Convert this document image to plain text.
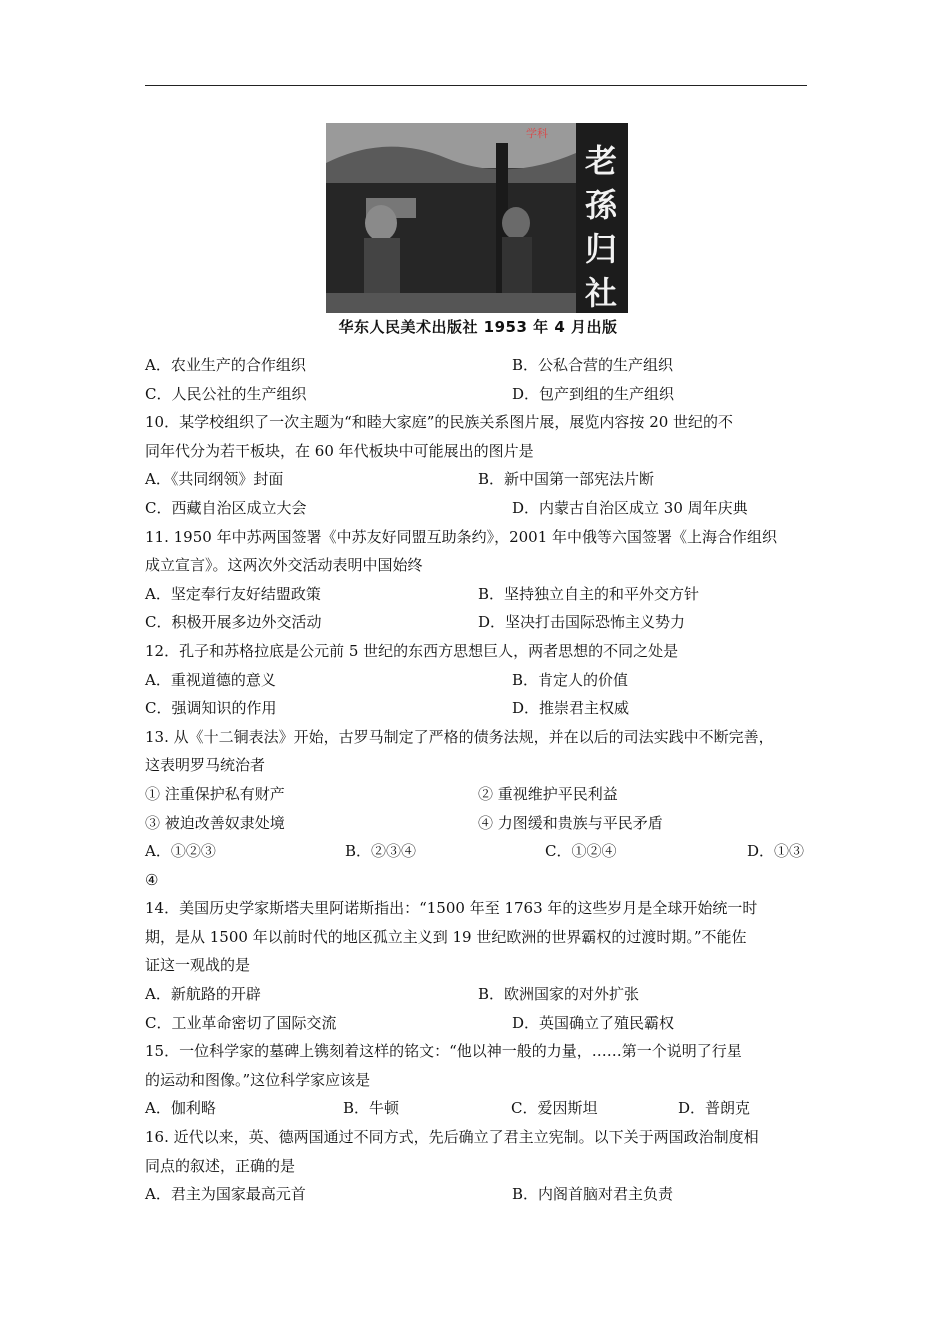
学科
老
孫
归
社
华东人民美术出版社 1953 年 4 月出版
A．农业生产的合作组织	B．公私合营的生产组织
C．人民公社的生产组织	D．包产到组的生产组织
10．某学校组织了一次主题为“和睦大家庭”的民族关系图片展，展览内容按 20 世纪的不
同年代分为若干板块，在 60 年代板块中可能展出的图片是
A．《共同纲领》封面	B．新中国第一部宪法片断
C．西藏自治区成立大会	D．内蒙古自治区成立 30 周年庆典
11. 1950 年中苏两国签署《中苏友好同盟互助条约》，2001 年中俄等六国签署《上海合作组织
成立宣言》。这两次外交活动表明中国始终
A．坚定奉行友好结盟政策	B．坚持独立自主的和平外交方针
C．积极开展多边外交活动	D．坚决打击国际恐怖主义势力
12．孔子和苏格拉底是公元前 5 世纪的东西方思想巨人，两者思想的不同之处是
A．重视道德的意义	B．肯定人的价值
C．强调知识的作用	D．推崇君主权威
13. 从《十二铜表法》开始，古罗马制定了严格的债务法规，并在以后的司法实践中不断完善，
这表明罗马统治者
① 注重保护私有财产	② 重视维护平民利益
③ 被迫改善奴隶处境	④ 力图缓和贵族与平民矛盾
A．①②③	B．②③④	C．①②④	D．①③
④
14．美国历史学家斯塔夫里阿诺斯指出：“1500 年至 1763 年的这些岁月是全球开始统一时
期，是从 1500 年以前时代的地区孤立主义到 19 世纪欧洲的世界霸权的过渡时期。”不能佐
证这一观战的是
A．新航路的开辟	B．欧洲国家的对外扩张
C．工业革命密切了国际交流	D．英国确立了殖民霸权
15．一位科学家的墓碑上镌刻着这样的铭文：“他以神一般的力量，……第一个说明了行星
的运动和图像。”这位科学家应该是
A．伽利略	B．牛顿	C．爱因斯坦	D．普朗克
16. 近代以来，英、德两国通过不同方式，先后确立了君主立宪制。以下关于两国政治制度相
同点的叙述，正确的是
A．君主为国家最高元首	B．内阁首脑对君主负责
